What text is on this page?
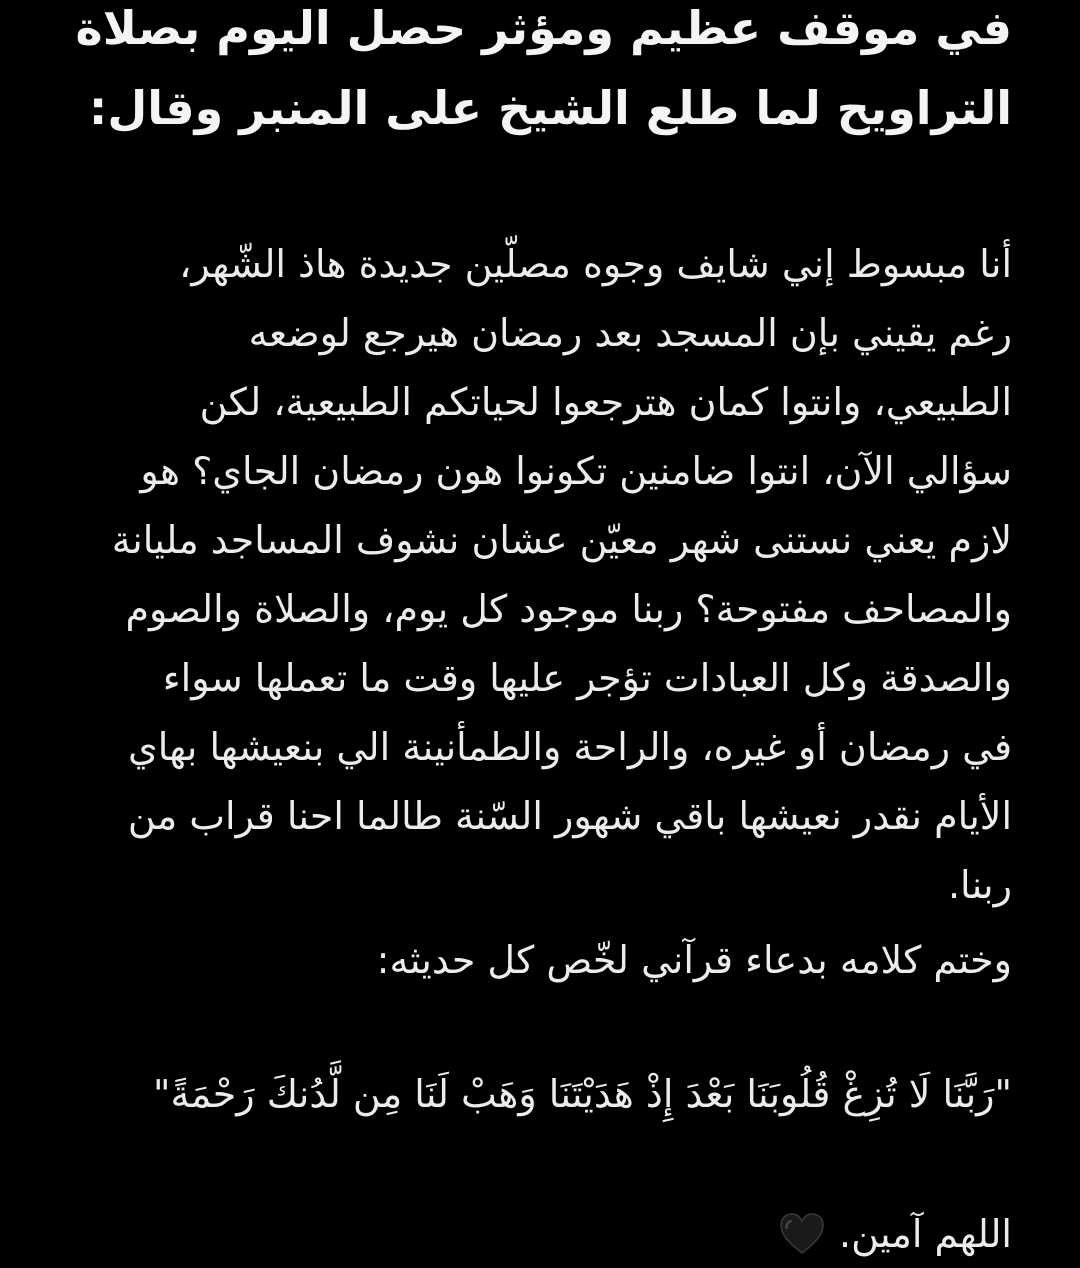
في موقف عظيم ومؤثر حصل اليوم بصلاة
التراويح لما طلع الشيخ على المنبر وقال:
أنا مبسوط إني شايف وجوه مصلّين جديدة هاذ الشّهر،
رغم يقيني بإن المسجد بعد رمضان هيرجع لوضعه
الطبيعي، وانتوا كمان هترجعوا لحياتكم الطبيعية، لكن
سؤالي الآن، انتوا ضامنين تكونوا هون رمضان الجاي؟ هو
لازم يعني نستنى شهر معيّن عشان نشوف المساجد مليانة
والمصاحف مفتوحة؟ ربنا موجود كل يوم، والصلاة والصوم
والصدقة وكل العبادات تؤجر عليها وقت ما تعملها سواء
في رمضان أو غيره، والراحة والطمأنينة الي بنعيشها بهاي
الأيام نقدر نعيشها باقي شهور السّنة طالما احنا قراب من
ربنا.
وختم كلامه بدعاء قرآني لخّص كل حديثه:
"رَبَّنَا لَا تُزِغْ قُلُوبَنَا بَعْدَ إِذْ هَدَيْتَنَا وَهَبْ لَنَا مِن لَّدُنكَ رَحْمَةً"
اللهم آمين.
